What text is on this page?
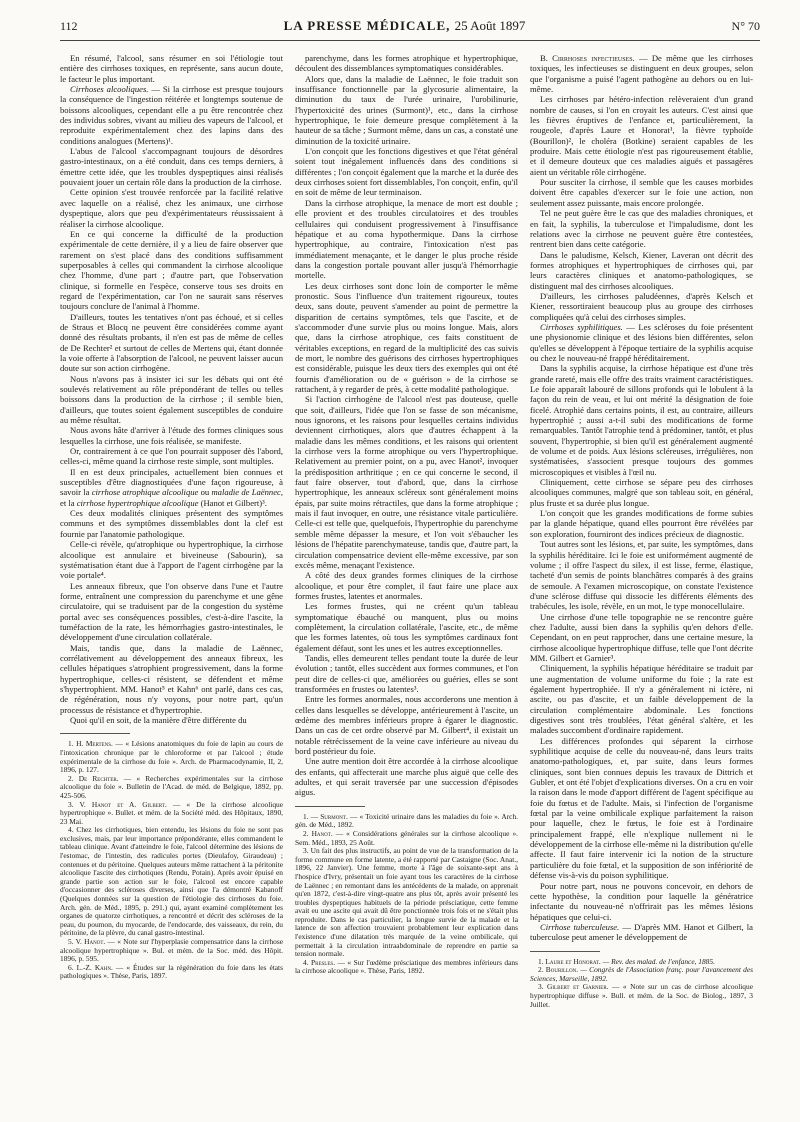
112	LA PRESSE MÉDICALE, 25 Août 1897	N° 70

En résumé, l'alcool, sans résumer en soi l'étiologie tout entière des cirrhoses toxiques, en représente, sans aucun doute, le facteur le plus important.

Cirrhoses alcooliques. — Si la cirrhose est presque toujours la conséquence de l'ingestion réitérée et longtemps soutenue de boissons alcooliques, cependant elle a pu être rencontrée chez des individus sobres, vivant au milieu des vapeurs de l'alcool, et reproduite expérimentalement chez des lapins dans des conditions analogues (Mertens)¹.

L'abus de l'alcool s'accompagnant toujours de désordres gastro-intestinaux, on a été conduit, dans ces temps derniers, à émettre cette idée, que les troubles dyspeptiques ainsi réalisés pouvaient jouer un certain rôle dans la production de la cirrhose.

Cette opinion s'est trouvée renforcée par la facilité relative avec laquelle on a réalisé, chez les animaux, une cirrhose dyspeptique, alors que peu d'expérimentateurs réussissaient à réaliser la cirrhose alcoolique.

En ce qui concerne la difficulté de la production expérimentale de cette dernière, il y a lieu de faire observer que rarement on s'est placé dans des conditions suffisamment superposables à celles qui commandent la cirrhose alcoolique chez l'homme, d'une part ; d'autre part, que l'observation clinique, si formelle en l'espèce, conserve tous ses droits en regard de l'expérimentation, car l'on ne saurait sans réserves toujours conclure de l'animal à l'homme.

D'ailleurs, toutes les tentatives n'ont pas échoué, et si celles de Straus et Blocq ne peuvent être considérées comme ayant donné des résultats probants, il n'en est pas de même de celles de De Rechter² et surtout de celles de Mertens qui, étant donnée la voie offerte à l'absorption de l'alcool, ne peuvent laisser aucun doute sur son action cirrhogène.

Nous n'avons pas à insister ici sur les débats qui ont été soulevés relativement au rôle prépondérant de telles ou telles boissons dans la production de la cirrhose ; il semble bien, d'ailleurs, que toutes soient également susceptibles de conduire au même résultat.

Nous avons hâte d'arriver à l'étude des formes cliniques sous lesquelles la cirrhose, une fois réalisée, se manifeste.

Or, contrairement à ce que l'on pourrait supposer dès l'abord, celles-ci, même quand la cirrhose reste simple, sont multiples.

Il en est deux principales, actuellement bien connues et susceptibles d'être diagnostiquées d'une façon rigoureuse, à savoir la cirrhose atrophique alcoolique ou maladie de Laënnec, et la cirrhose hypertrophique alcoolique (Hanot et Gilbert)³.

Ces deux modalités cliniques présentent des symptômes communs et des symptômes dissemblables dont la clef est fournie par l'anatomie pathologique.

Celle-ci révèle, qu'atrophique ou hypertrophique, la cirrhose alcoolique est annulaire et biveineuse (Sabourin), sa systématisation étant due à l'apport de l'agent cirrhogène par la voie portale⁴.

Les anneaux fibreux, que l'on observe dans l'une et l'autre forme, entraînent une compression du parenchyme et une gêne circulatoire, qui se traduisent par de la congestion du système portal avec ses conséquences possibles, c'est-à-dire l'ascite, la tuméfaction de la rate, les hémorrhagies gastro-intestinales, le développement d'une circulation collatérale.

Mais, tandis que, dans la maladie de Laënnec, corrélativement au développement des anneaux fibreux, les cellules hépatiques s'atrophient progressivement, dans la forme hypertrophique, celles-ci résistent, se défendent et même s'hypertrophient. MM. Hanot⁵ et Kahn⁶ ont parlé, dans ces cas, de régénération, nous n'y voyons, pour notre part, qu'un processus de résistance et d'hypertrophie.

Quoi qu'il en soit, de la manière d'être différente du

1. H. Mertens. — « Lésions anatomiques du foie de lapin au cours de l'intoxication chronique par le chloroforme et par l'alcool ; étude expérimentale de la cirrhose du foie ». Arch. de Pharmacodynamie, II, 2, 1896, p. 127.

2. De Rechter. — « Recherches expérimentales sur la cirrhose alcoolique du foie ». Bulletin de l'Acad. de méd. de Belgique, 1892, pp. 425-506.

3. V. Hanot et A. Gilbert. — « De la cirrhose alcoolique hypertrophique ». Bullet. et mém. de la Société méd. des Hôpitaux, 1890, 23 Mai.

4. Chez les cirrhotiques, bien entendu, les lésions du foie ne sont pas exclusives, mais, par leur importance prépondérante, elles commandent le tableau clinique. Avant d'atteindre le foie, l'alcool détermine des lésions de l'estomac, de l'intestin, des radicules portes (Dieulafoy, Giraudeau) ; contenues et du péritoine. Quelques auteurs même rattachent à la péritonite alcoolique l'ascite des cirrhotiques (Rendu, Potain). Après avoir épuisé en grande partie son action sur le foie, l'alcool est encore capable d'occasionner des scléroses diverses, ainsi que l'a démontré Kabanoff (Quelques données sur la question de l'étiologie des cirrhoses du foie. Arch. gén. de Méd., 1895, p. 291.) qui, ayant examiné complètement les organes de quatorze cirrhotiques, a rencontré et décrit des scléroses de la peau, du poumon, du myocarde, de l'endocarde, des vaisseaux, du rein, du péritoine, de la plèvre, du canal gastro-intestinal.

5. V. Hanot. — « Note sur l'hyperplasie compensatrice dans la cirrhose alcoolique hypertrophique ». Bul. et mém. de la Soc. méd. des Hôpit. 1896, p. 595.

6. L.-Z. Kahn. — « Études sur la régénération du foie dans les états pathologiques ». Thèse, Paris, 1897.

parenchyme, dans les formes atrophique et hypertrophique, découlent des dissemblances symptomatiques considérables.

Alors que, dans la maladie de Laënnec, le foie traduit son insuffisance fonctionnelle par la glycosurie alimentaire, la diminution du taux de l'urée urinaire, l'urobilinurie, l'hypertoxicité des urines (Surmont)¹, etc., dans la cirrhose hypertrophique, le foie demeure presque complètement à la hauteur de sa tâche ; Surmont même, dans un cas, a constaté une diminution de la toxicité urinaire.

L'on conçoit que les fonctions digestives et que l'état général soient tout inégalement influencés dans des conditions si différentes ; l'on conçoit également que la marche et la durée des deux cirrhoses soient fort dissemblables, l'on conçoit, enfin, qu'il en soit de même de leur terminaison.

Dans la cirrhose atrophique, la menace de mort est double ; elle provient et des troubles circulatoires et des troubles cellulaires qui conduisent progressivement à l'insuffisance hépatique et au coma hypothermique. Dans la cirrhose hypertrophique, au contraire, l'intoxication n'est pas immédiatement menaçante, et le danger le plus proche réside dans la congestion portale pouvant aller jusqu'à l'hémorrhagie mortelle.

Les deux cirrhoses sont donc loin de comporter le même pronostic. Sous l'influence d'un traitement rigoureux, toutes deux, sans doute, peuvent s'amender au point de permettre la disparition de certains symptômes, tels que l'ascite, et de s'accommoder d'une survie plus ou moins longue. Mais, alors que, dans la cirrhose atrophique, ces faits constituent de véritables exceptions, en regard de la multiplicité des cas suivis de mort, le nombre des guérisons des cirrhoses hypertrophiques est considérable, puisque les deux tiers des exemples qui ont été fournis d'amélioration ou de « guérison » de la cirrhose se rattachent, à y regarder de près, à cette modalité pathologique.

Si l'action cirrhogène de l'alcool n'est pas douteuse, quelle que soit, d'ailleurs, l'idée que l'on se fasse de son mécanisme, nous ignorons, et les raisons pour lesquelles certains individus deviennent cirrhotiques, alors que d'autres échappent à la maladie dans les mêmes conditions, et les raisons qui orientent la cirrhose vers la forme atrophique ou vers l'hypertrophique. Relativement au premier point, on a pu, avec Hanot², invoquer la prédisposition arthritique ; en ce qui concerne le second, il faut faire observer, tout d'abord, que, dans la cirrhose hypertrophique, les anneaux scléreux sont généralement moins épais, par suite moins rétractiles, que dans la forme atrophique ; mais il faut invoquer, en outre, une résistance vitale particulière. Celle-ci est telle que, quelquefois, l'hypertrophie du parenchyme semble même dépasser la mesure, et l'on voit s'ébaucher les lésions de l'hépatite parenchymateuse, tandis que, d'autre part, la circulation compensatrice devient elle-même excessive, par son excès même, menaçant l'existence.

A côté des deux grandes formes cliniques de la cirrhose alcoolique, et pour être complet, il faut faire une place aux formes frustes, latentes et anormales.

Les formes frustes, qui ne créent qu'un tableau symptomatique ébauché ou manquent, plus ou moins complètement, la circulation collatérale, l'ascite, etc., de même que les formes latentes, où tous les symptômes cardinaux font également défaut, sont les unes et les autres exceptionnelles.

Tandis, elles demeurent telles pendant toute la durée de leur évolution ; tantôt, elles succèdent aux formes communes, et l'on peut dire de celles-ci que, améliorées ou guéries, elles se sont transformées en frustes ou latentes³.

Entre les formes anormales, nous accorderons une mention à celles dans lesquelles se développe, antérieurement à l'ascite, un œdème des membres inférieurs propre à égarer le diagnostic. Dans un cas de cet ordre observé par M. Gilbert⁴, il existait un notable rétrécissement de la veine cave inférieure au niveau du bord postérieur du foie.

Une autre mention doit être accordée à la cirrhose alcoolique des enfants, qui affecterait une marche plus aiguë que celle des adultes, et qui serait traversée par une succession d'épisodes aigus.

1. — Surmont. — « Toxicité urinaire dans les maladies du foie ». Arch. gén. de Méd., 1892.

2. Hanot. — « Considérations générales sur la cirrhose alcoolique ». Sem. Méd., 1893, 25 Août.

3. Un fait des plus instructifs, au point de vue de la transformation de la forme commune en forme latente, a été rapporté par Castaigne (Soc. Anat., 1896, 22 Janvier). Une femme, morte à l'âge de soixante-sept ans à l'hospice d'Ivry, présentait un foie ayant tous les caractères de la cirrhose de Laënnec ; en remontant dans les antécédents de la malade, on apprenait qu'en 1872, c'est-à-dire vingt-quatre ans plus tôt, après avoir présenté les troubles dyspeptiques habituels de la période présciatique, cette femme avait eu une ascite qui avait dû être ponctionnée trois fois et ne s'était plus reproduite. Dans le cas particulier, la longue survie de la malade et la latence de son affection trouvaient probablement leur explication dans l'existence d'une dilatation très marquée de la veine ombilicale, qui permettait à la circulation intraabdominale de reprendre en partie sa tension normale.

4. Presles. — « Sur l'œdème présciatique des membres inférieurs dans la cirrhose alcoolique ». Thèse, Paris, 1892.

B. Cirrhoses infectieuses. — De même que les cirrhoses toxiques, les infectieuses se distinguent en deux groupes, selon que l'organisme a puisé l'agent pathogène au dehors ou en lui-même.

Les cirrhoses par hétéro-infection relèveraient d'un grand nombre de causes, si l'on en croyait les auteurs. C'est ainsi que les fièvres éruptives de l'enfance et, particulièrement, la rougeole, d'après Laure et Honorat¹, la fièvre typhoïde (Bourillon)², le choléra (Botkine) seraient capables de les produire. Mais cette étiologie n'est pas rigoureusement établie, et il demeure douteux que ces maladies aiguës et passagères aient un véritable rôle cirrhogène.

Pour susciter la cirrhose, il semble que les causes morbides doivent être capables d'exercer sur le foie une action, non seulement assez puissante, mais encore prolongée.

Tel ne peut guère être le cas que des maladies chroniques, et en fait, la syphilis, la tuberculose et l'impaludisme, dont les relations avec la cirrhose ne peuvent guère être contestées, rentrent bien dans cette catégorie.

Dans le paludisme, Kelsch, Kiener, Laveran ont décrit des formes atrophiques et hypertrophiques de cirrhoses qui, par leurs caractères cliniques et anatomo-pathologiques, se distinguent mal des cirrhoses alcooliques.

D'ailleurs, les cirrhoses paludéennes, d'après Kelsch et Kiener, ressortiraient beaucoup plus au groupe des cirrhoses compliquées qu'à celui des cirrhoses simples.

Cirrhoses syphilitiques. — Les scléroses du foie présentent une physionomie clinique et des lésions bien différentes, selon qu'elles se développent à l'époque tertiaire de la syphilis acquise ou chez le nouveau-né frappé héréditairement.

Dans la syphilis acquise, la cirrhose hépatique est d'une très grande rareté, mais elle offre des traits vraiment caractéristiques. Le foie apparaît labouré de sillons profonds qui le lobulent à la façon du rein de veau, et lui ont mérité la désignation de foie ficelé. Atrophié dans certains points, il est, au contraire, ailleurs hypertrophié ; aussi a-t-il subi des modifications de forme remarquables. Tantôt l'atrophie tend à prédominer, tantôt, et plus souvent, l'hypertrophie, si bien qu'il est généralement augmenté de volume et de poids. Aux lésions scléreuses, irrégulières, non systématisées, s'associent presque toujours des gommes microscopiques et visibles à l'œil nu.

Cliniquement, cette cirrhose se sépare peu des cirrhoses alcooliques communes, malgré que son tableau soit, en général, plus fruste et sa durée plus longue.

L'on conçoit que les grandes modifications de forme subies par la glande hépatique, quand elles pourront être révélées par son exploration, fourniront des indices précieux de diagnostic.

Tout autres sont les lésions, et, par suite, les symptômes, dans la syphilis héréditaire. Ici le foie est uniformément augmenté de volume ; il offre l'aspect du silex, il est lisse, ferme, élastique, tacheté d'un semis de points blanchâtres comparés à des grains de semoule. A l'examen microscopique, on constate l'existence d'une sclérose diffuse qui dissocie les différents éléments des trabécules, les isole, révèle, en un mot, le type monocellulaire.

Une cirrhose d'une telle topographie ne se rencontre guère chez l'adulte, aussi bien dans la syphilis qu'en dehors d'elle. Cependant, on en peut rapprocher, dans une certaine mesure, la cirrhose alcoolique hypertrophique diffuse, telle que l'ont décrite MM. Gilbert et Garnier³.

Cliniquement, la syphilis hépatique héréditaire se traduit par une augmentation de volume uniforme du foie ; la rate est également hypertrophiée. Il n'y a généralement ni ictère, ni ascite, ou pas d'ascite, et un faible développement de la circulation complémentaire abdominale. Les fonctions digestives sont très troublées, l'état général s'altère, et les malades succombent d'ordinaire rapidement.

Les différences profondes qui séparent la cirrhose syphilitique acquise de celle du nouveau-né, dans leurs traits anatomo-pathologiques, et, par suite, dans leurs formes cliniques, sont bien connues depuis les travaux de Dittrich et Gubler, et ont été l'objet d'explications diverses. On a cru en voir la raison dans le mode d'apport différent de l'agent spécifique au foie du fœtus et de l'adulte. Mais, si l'infection de l'organisme fœtal par la veine ombilicale explique parfaitement la raison pour laquelle, chez le fœtus, le foie est à l'ordinaire principalement frappé, elle n'explique nullement ni le développement de la cirrhose elle-même ni la distribution qu'elle affecte. Il faut faire intervenir ici la notion de la structure particulière du foie fœtal, et la supposition de son infériorité de défense vis-à-vis du poison syphilitique.

Pour notre part, nous ne pouvons concevoir, en dehors de cette hypothèse, la condition pour laquelle la génératrice infectante du nouveau-né n'offrirait pas les mêmes lésions hépatiques que celui-ci.

Cirrhose tuberculeuse. — D'après MM. Hanot et Gilbert, la tuberculose peut amener le développement de

1. Laure et Honorat. — Rev. des malad. de l'enfance, 1885.

2. Bourillon. — Congrès de l'Association franç. pour l'avancement des Sciences, Marseille, 1892.

3. Gilbert et Garnier. — « Note sur un cas de cirrhose alcoolique hypertrophique diffuse ». Bull. et mém. de la Soc. de Biolog., 1897, 3 Juillet.
